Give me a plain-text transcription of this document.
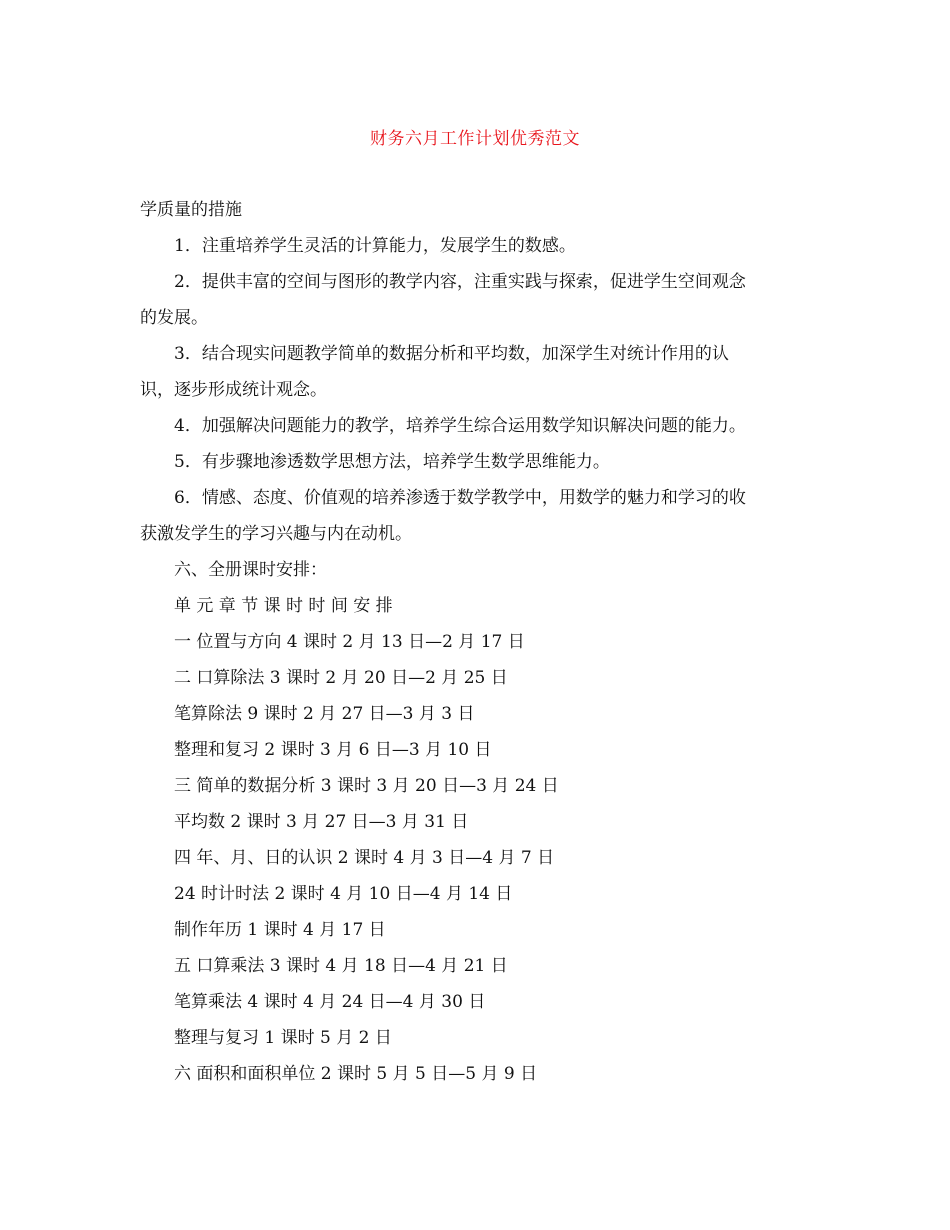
财务六月工作计划优秀范文

学质量的措施

1．注重培养学生灵活的计算能力，发展学生的数感。

2．提供丰富的空间与图形的教学内容，注重实践与探索，促进学生空间观念

的发展。

3．结合现实问题教学简单的数据分析和平均数，加深学生对统计作用的认

识，逐步形成统计观念。

4．加强解决问题能力的教学，培养学生综合运用数学知识解决问题的能力。

5．有步骤地渗透数学思想方法，培养学生数学思维能力。

6．情感、态度、价值观的培养渗透于数学教学中，用数学的魅力和学习的收

获激发学生的学习兴趣与内在动机。

六、全册课时安排：

单 元 章 节 课 时 时 间 安 排

一 位置与方向 4 课时 2 月 13 日—2 月 17 日

二 口算除法 3 课时 2 月 20 日—2 月 25 日

笔算除法 9 课时 2 月 27 日—3 月 3 日

整理和复习 2 课时 3 月 6 日—3 月 10 日

三 简单的数据分析 3 课时 3 月 20 日—3 月 24 日

平均数 2 课时 3 月 27 日—3 月 31 日

四 年、月、日的认识 2 课时 4 月 3 日—4 月 7 日

24 时计时法 2 课时 4 月 10 日—4 月 14 日

制作年历 1 课时 4 月 17 日

五 口算乘法 3 课时 4 月 18 日—4 月 21 日

笔算乘法 4 课时 4 月 24 日—4 月 30 日

整理与复习 1 课时 5 月 2 日

六 面积和面积单位 2 课时 5 月 5 日—5 月 9 日
